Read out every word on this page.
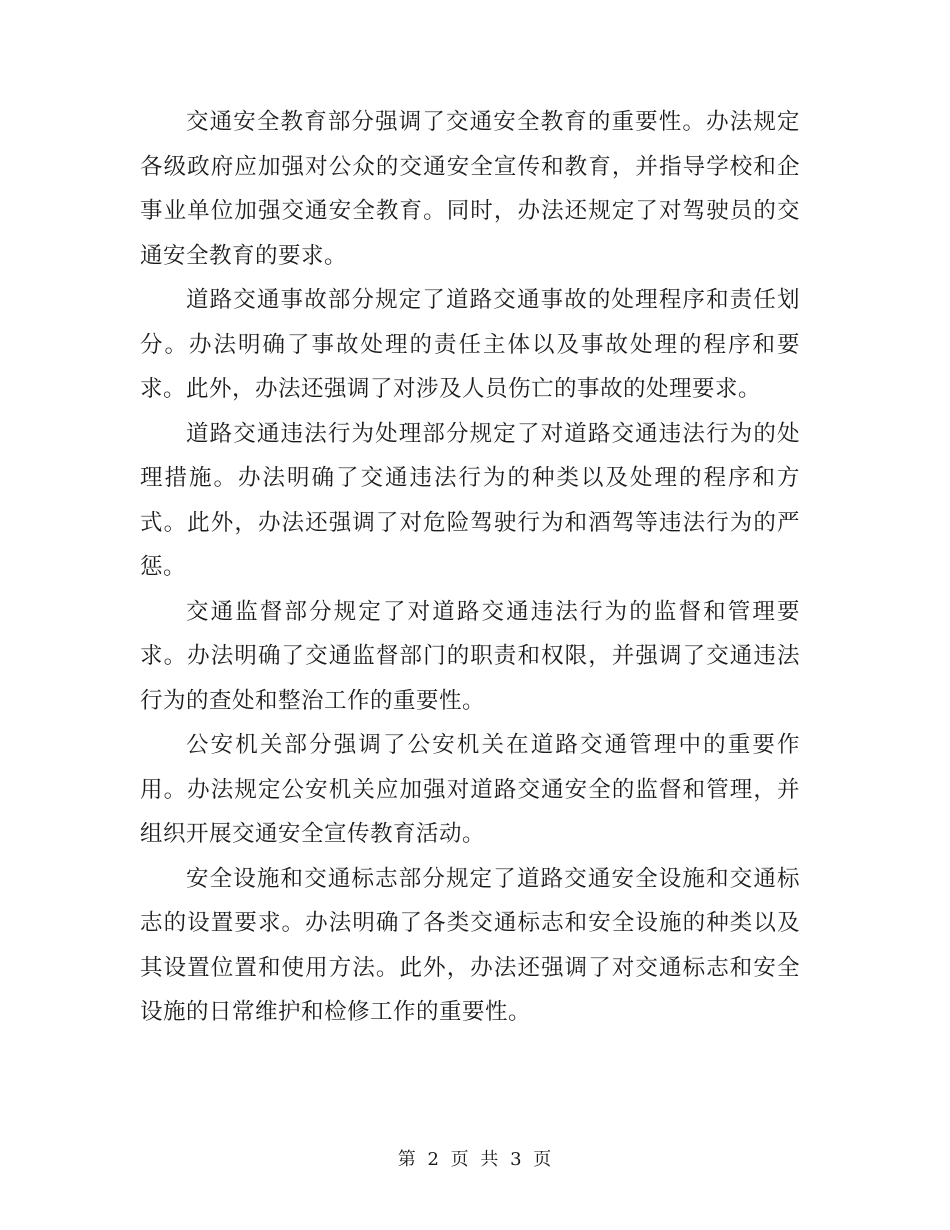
交通安全教育部分强调了交通安全教育的重要性。办法规定各级政府应加强对公众的交通安全宣传和教育，并指导学校和企事业单位加强交通安全教育。同时，办法还规定了对驾驶员的交通安全教育的要求。

道路交通事故部分规定了道路交通事故的处理程序和责任划分。办法明确了事故处理的责任主体以及事故处理的程序和要求。此外，办法还强调了对涉及人员伤亡的事故的处理要求。

道路交通违法行为处理部分规定了对道路交通违法行为的处理措施。办法明确了交通违法行为的种类以及处理的程序和方式。此外，办法还强调了对危险驾驶行为和酒驾等违法行为的严惩。

交通监督部分规定了对道路交通违法行为的监督和管理要求。办法明确了交通监督部门的职责和权限，并强调了交通违法行为的查处和整治工作的重要性。

公安机关部分强调了公安机关在道路交通管理中的重要作用。办法规定公安机关应加强对道路交通安全的监督和管理，并组织开展交通安全宣传教育活动。

安全设施和交通标志部分规定了道路交通安全设施和交通标志的设置要求。办法明确了各类交通标志和安全设施的种类以及其设置位置和使用方法。此外，办法还强调了对交通标志和安全设施的日常维护和检修工作的重要性。

第 2 页 共 3 页
